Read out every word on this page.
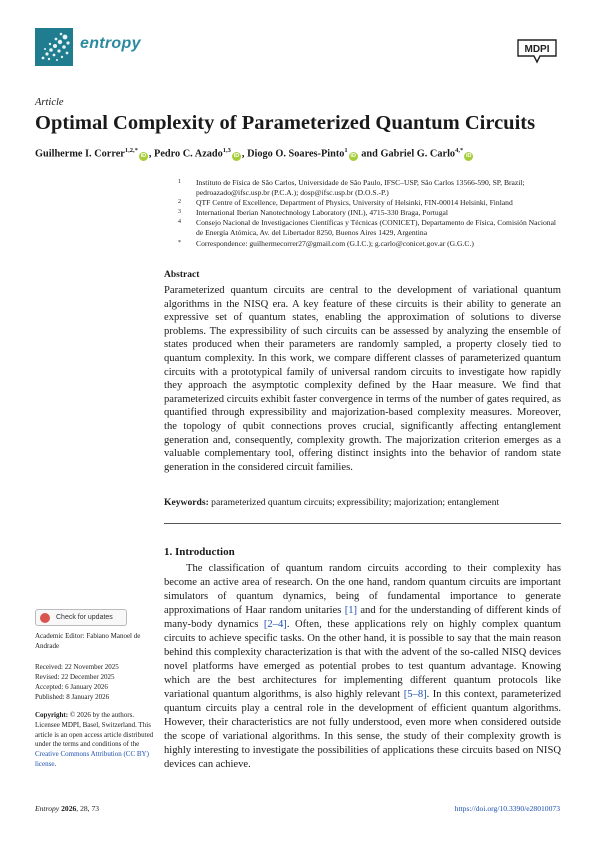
entropy	MDPI
Article
Optimal Complexity of Parameterized Quantum Circuits
Guilherme I. Correr$^{1,2,*}$iD , Pedro C. Azado$^{1,3}$iD , Diogo O. Soares-Pinto$^1$iD and Gabriel G. Carlo$^{4,*}$iD
1 Instituto de Física de São Carlos, Universidade de São Paulo, IFSC–USP, São Carlos 13566-590, SP, Brazil; pedroazado@ifsc.usp.br (P.C.A.); dosp@ifsc.usp.br (D.O.S.-P.)
2 QTF Centre of Excellence, Department of Physics, University of Helsinki, FIN-00014 Helsinki, Finland
3 International Iberian Nanotechnology Laboratory (INL), 4715-330 Braga, Portugal
4 Consejo Nacional de Investigaciones Científicas y Técnicas (CONICET), Departamento de Física, Comisión Nacional de Energía Atómica, Av. del Libertador 8250, Buenos Aires 1429, Argentina
* Correspondence: guilhermecorrer27@gmail.com (G.I.C.); g.carlo@conicet.gov.ar (G.G.C.)
Abstract
Parameterized quantum circuits are central to the development of variational quantum algorithms in the NISQ era. A key feature of these circuits is their ability to generate an expressive set of quantum states, enabling the approximation of solutions to diverse problems. The expressibility of such circuits can be assessed by analyzing the ensemble of states produced when their parameters are randomly sampled, a property closely tied to quantum complexity. In this work, we compare different classes of parameterized quantum circuits with a prototypical family of universal random circuits to investigate how rapidly they approach the asymptotic complexity defined by the Haar measure. We find that parameterized circuits exhibit faster convergence in terms of the number of gates required, as quantified through expressibility and majorization-based complexity measures. Moreover, the topology of qubit connections proves crucial, significantly affecting entanglement generation and, consequently, complexity growth. The majorization criterion emerges as a valuable complementary tool, offering distinct insights into the behavior of random state generation in the considered circuit families.
Keywords: parameterized quantum circuits; expressibility; majorization; entanglement
1. Introduction
The classification of quantum random circuits according to their complexity has become an active area of research. On the one hand, random quantum circuits are important simulators of quantum dynamics, being of fundamental importance to generate approximations of Haar random unitaries [1] and for the understanding of different kinds of many-body dynamics [2–4]. Often, these applications rely on highly complex quantum circuits to achieve specific tasks. On the other hand, it is possible to say that the main reason behind this complexity characterization is that with the advent of the so-called NISQ devices novel platforms have emerged as potential probes to test quantum advantage. Knowing which are the best architectures for implementing different quantum protocols like variational quantum algorithms, is also highly relevant [5–8]. In this context, parameterized quantum circuits play a central role in the development of efficient quantum algorithms. However, their characteristics are not fully understood, even more when considered outside the scope of variational algorithms. In this sense, the study of their complexity growth is highly interesting to investigate the possibilities of applications these circuits based on NISQ devices can achieve.
Check for updates
Academic Editor: Fabiano Manoel de Andrade
Received: 22 November 2025
Revised: 22 December 2025
Accepted: 6 January 2026
Published: 8 January 2026
Copyright: © 2026 by the authors. Licensee MDPI, Basel, Switzerland. This article is an open access article distributed under the terms and conditions of the Creative Commons Attribution (CC BY) license.
Entropy 2026, 28, 73	https://doi.org/10.3390/e28010073
